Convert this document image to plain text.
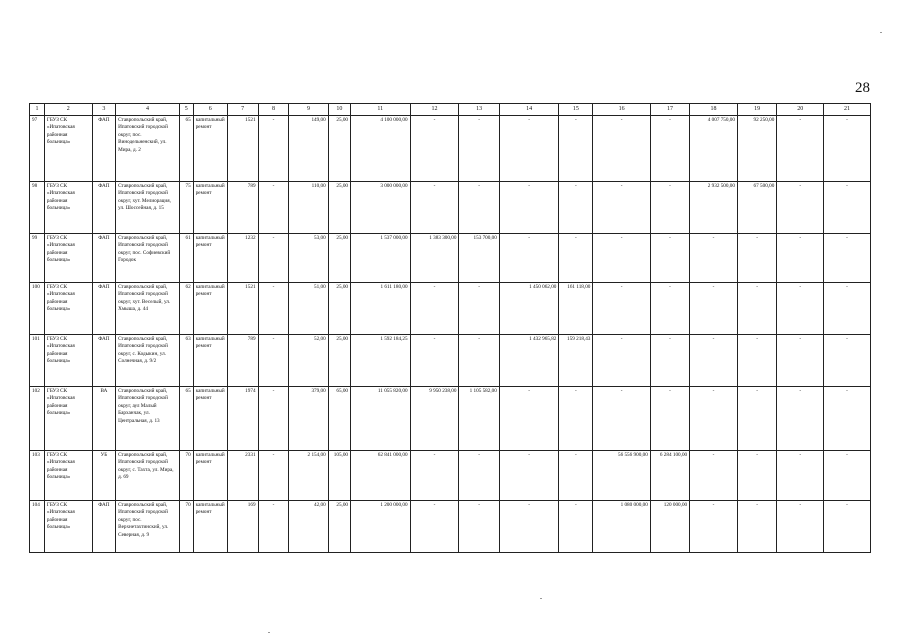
28
1	2	3	4	5	6	7	8	9	10	11	12	13	14	15	16	17	18	19	20	21
97	ГБУЗ СК «Ипатовская районная больница»	ФАП	Ставропольский край, Ипатовский городской округ, пос. Винодельненский, ул. Мира, д. 2	65	капитальный ремонт	1521	-	149,00	25,00	4 100 000,00	-	-	-	-	-	-	4 007 750,00	92 250,00	-	-
98	ГБУЗ СК «Ипатовская районная больница»	ФАП	Ставропольский край, Ипатовский городской округ, хут. Мелиорация, ул. Шоссейная, д. 15	75	капитальный ремонт	789	-	110,00	25,00	3 000 000,00	-	-	-	-	-	-	2 932 500,00	67 500,00	-	-
99	ГБУЗ СК «Ипатовская районная больница»	ФАП	Ставропольский край, Ипатовский городской округ, пос. Софиевский Городок	61	капитальный ремонт	1232	-	53,00	25,00	1 537 000,00	1 383 300,00	153 700,00	-	-	-	-	-	-	-	-
100	ГБУЗ СК «Ипатовская районная больница»	ФАП	Ставропольский край, Ипатовский городской округ, хут. Веселый, ул. Хмыша, д. 44	62	капитальный ремонт	1521	-	51,00	25,00	1 611 180,00	-	-	1 450 062,00	161 118,00	-	-	-	-	-	-
101	ГБУЗ СК «Ипатовская районная больница»	ФАП	Ставропольский край, Ипатовский городской округ, с. Кодыкин, ул. Солнечная, д. 9/2	63	капитальный ремонт	789	-	52,00	25,00	1 592 184,25	-	-	1 432 965,82	159 218,43	-	-	-	-	-	-
102	ГБУЗ СК «Ипатовская районная больница»	ВА	Ставропольский край, Ипатовский городской округ, аул Малый Барханчак, ул. Центральная, д. 13	65	капитальный ремонт	1974	-	379,00	65,00	11 055 820,00	9 950 238,00	1 105 582,00	-	-	-	-	-	-	-	-
103	ГБУЗ СК «Ипатовская районная больница»	УБ	Ставропольский край, Ипатовский городской округ, с. Тахта, ул. Мира, д. 69	70	капитальный ремонт	2331	-	2 154,00	105,00	62 841 000,00	-	-	-	-	56 556 900,00	6 284 100,00	-	-	-	-
104	ГБУЗ СК «Ипатовская районная больница»	ФАП	Ставропольский край, Ипатовский городской округ, пос. Верхнетахтинский, ул. Северная, д. 9	70	капитальный ремонт	169	-	42,00	25,00	1 200 000,00	-	-	-	-	1 080 000,00	120 000,00	-	-	-	-
